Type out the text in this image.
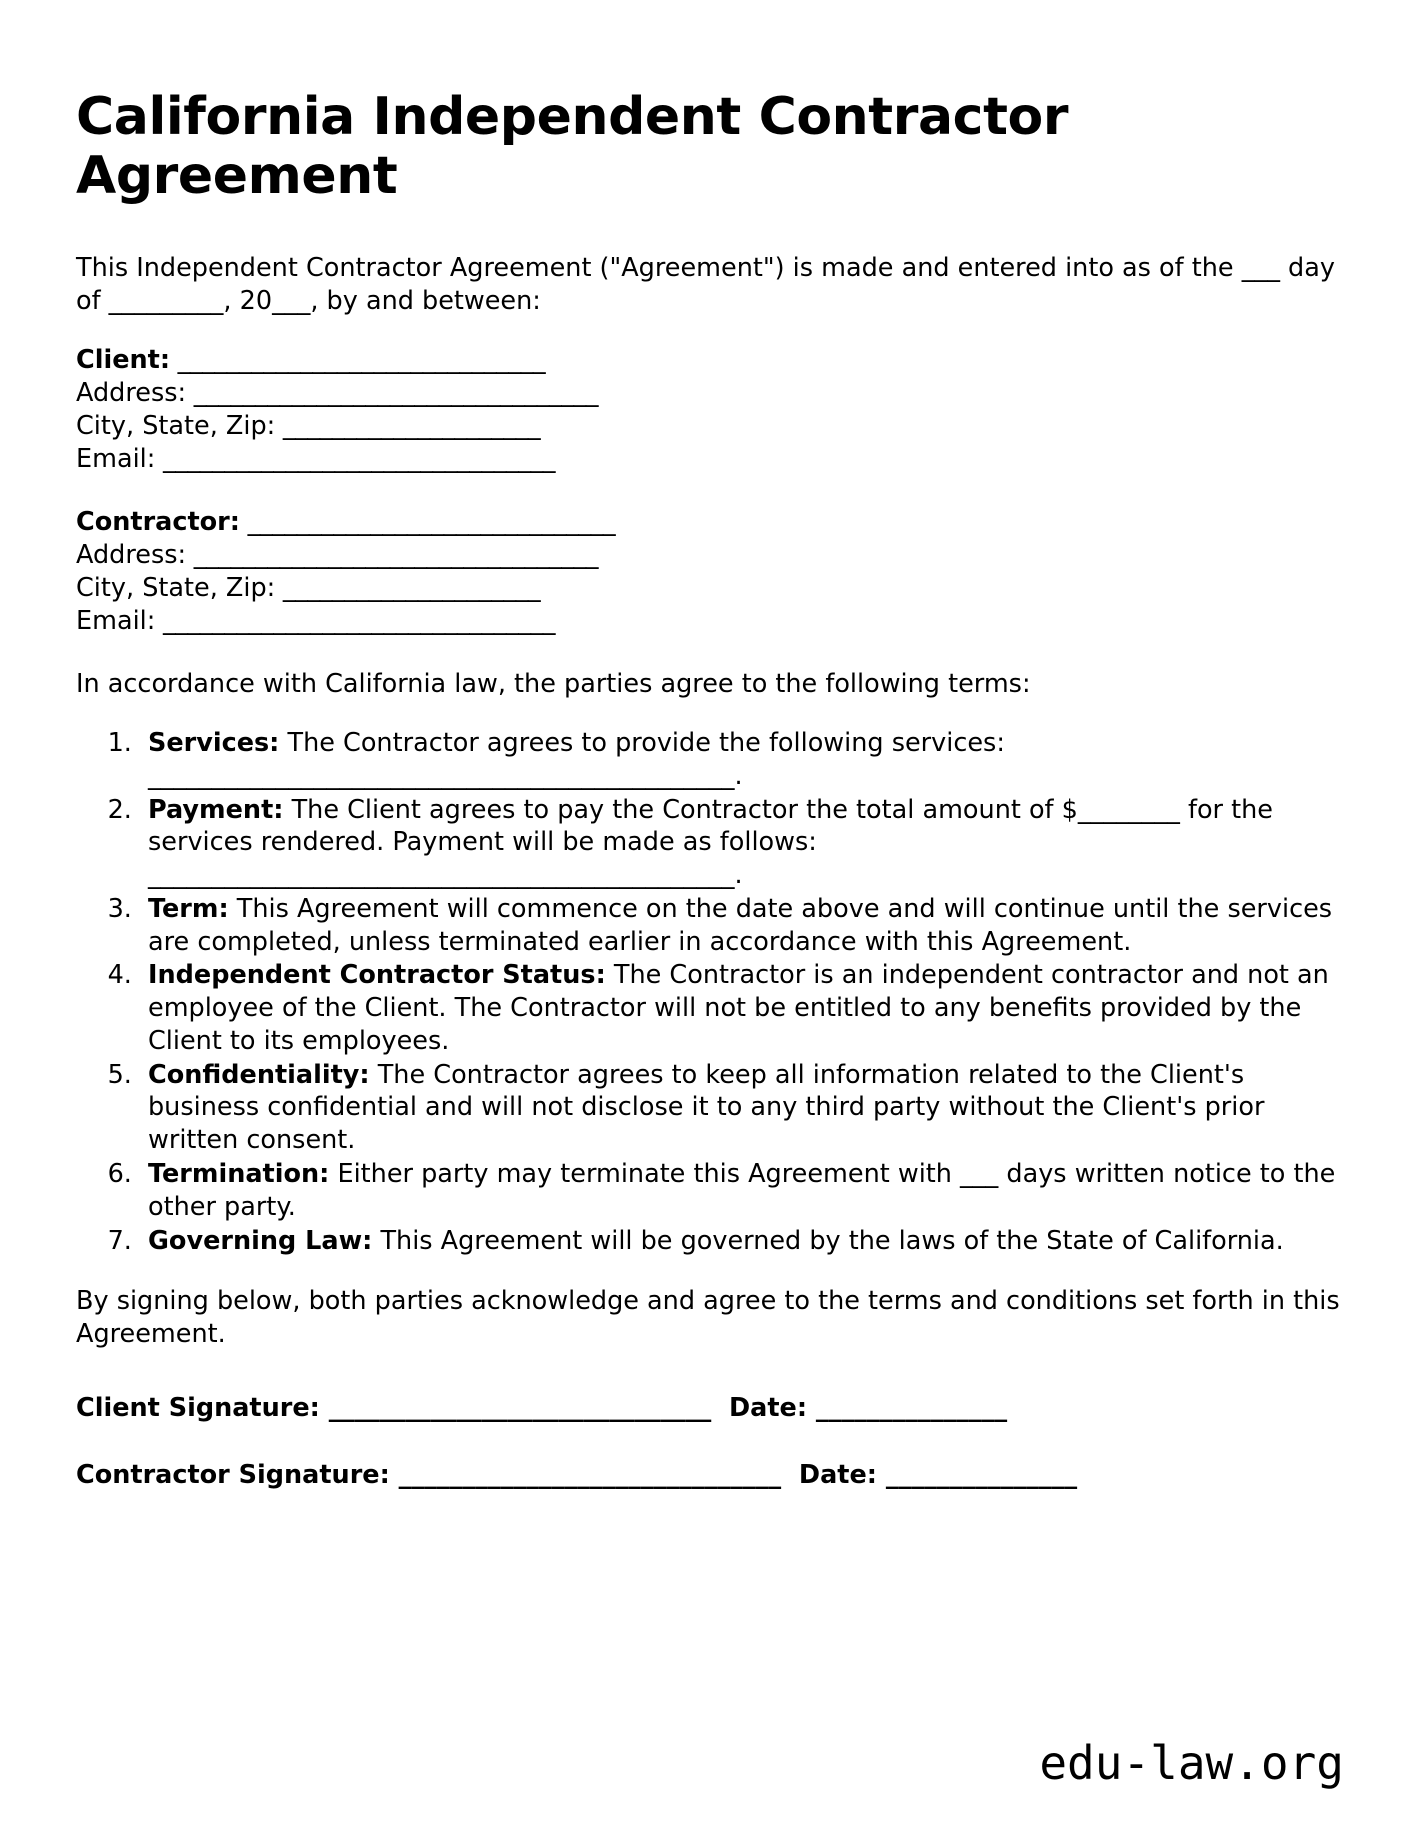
California Independent Contractor Agreement

This Independent Contractor Agreement ("Agreement") is made and entered into as of the ___ day of _________, 20___, by and between:

Client: ______________________________
Address: _________________________________
City, State, Zip: _____________________
Email: ________________________________
Contractor: ______________________________
Address: _________________________________
City, State, Zip: _____________________
Email: ________________________________

In accordance with California law, the parties agree to the following terms:

1. Services: The Contractor agrees to provide the following services: ______________________________________________.
2. Payment: The Client agrees to pay the Contractor the total amount of $________ for the services rendered. Payment will be made as follows: ______________________________________________.
3. Term: This Agreement will commence on the date above and will continue until the services are completed, unless terminated earlier in accordance with this Agreement.
4. Independent Contractor Status: The Contractor is an independent contractor and not an employee of the Client. The Contractor will not be entitled to any benefits provided by the Client to its employees.
5. Confidentiality: The Contractor agrees to keep all information related to the Client's business confidential and will not disclose it to any third party without the Client's prior written consent.
6. Termination: Either party may terminate this Agreement with ___ days written notice to the other party.
7. Governing Law: This Agreement will be governed by the laws of the State of California.

By signing below, both parties acknowledge and agree to the terms and conditions set forth in this Agreement.

Client Signature: ______________________________  Date: _______________
Contractor Signature: ______________________________  Date: _______________
edu-law.org
